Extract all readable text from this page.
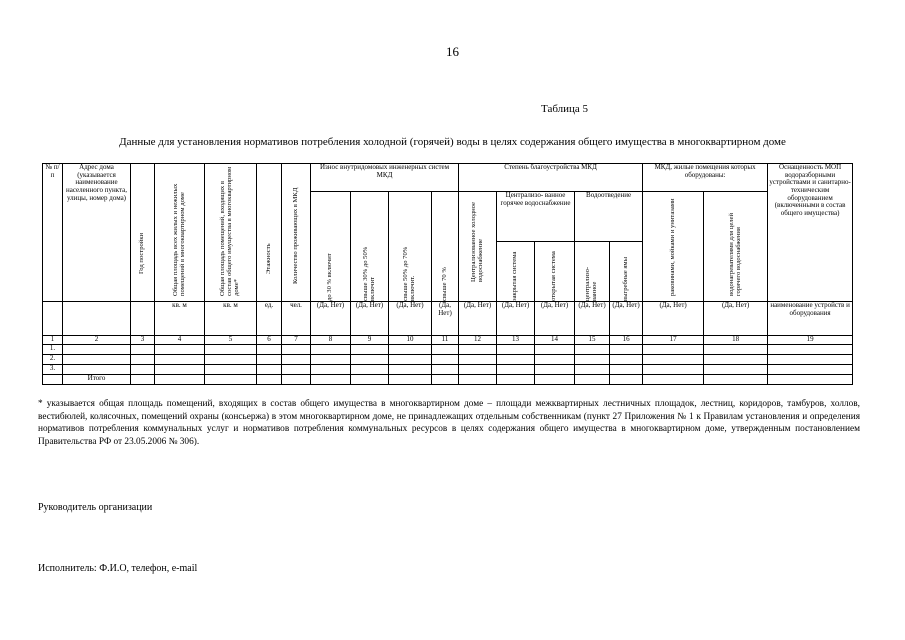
16
Таблица 5
Данные для установления нормативов потребления холодной (горячей) воды в целях содержания общего имущества в многоквартирном доме
№ п/п	Адрес дома (указывается наименование населенного пункта, улицы, номер дома)	Год постройки	Общая площадь всех жилых и нежилых помещений в многоквартирном доме	Общая площадь помещений, входящих в состав общего имущества в многоквартирном доме*	Этажность	Количество проживающих в МКД	Износ внутридомовых инженерных систем МКД				Степень благоустройства МКД					МКД, жилые помещения которых оборудованы:		Оснащенность МОП водоразборными устройствами и санитарно-техническим оборудованием (включенными в состав общего имущества)

							до 30 % включит	свыше 30% до 50% включит	свыше 50% до 70% включит.	свыше 70 %	Централизованное холодное водоснабжение	Централизо- ванное горячее водоснабжение		Водоотведение		раковинами, мойками и унитазами	водонагревателями для целей горячего водоснабжения	

												закрытая система	открытая система	централизо- ванное	выгребные ямы			

			кв. м	кв. м	ед.	чел.	(Да, Нет)	(Да, Нет)	(Да, Нет)	(Да, Нет)	(Да, Нет)	(Да, Нет)	(Да, Нет)	(Да, Нет)	(Да, Нет)	(Да, Нет)	(Да, Нет)	наименование устройств и оборудования
1	2	3	4	5	6	7	8	9	10	11	12	13	14	15	16	17	18	19
1.																		
2.																		
3.																		
	Итого																	
* указывается общая площадь помещений, входящих в состав общего имущества в многоквартирном доме – площади межквартирных лестничных площадок, лестниц, коридоров, тамбуров, холлов, вестибюлей, колясочных, помещений охраны (консьержа) в этом многоквартирном доме, не принадлежащих отдельным собственникам (пункт 27 Приложения № 1 к Правилам установления и определения нормативов потребления коммунальных услуг и нормативов потребления коммунальных ресурсов в целях содержания общего имущества в многоквартирном доме, утвержденным постановлением Правительства РФ от 23.05.2006 № 306).
Руководитель организации
Исполнитель: Ф.И.О, телефон, e-mail
